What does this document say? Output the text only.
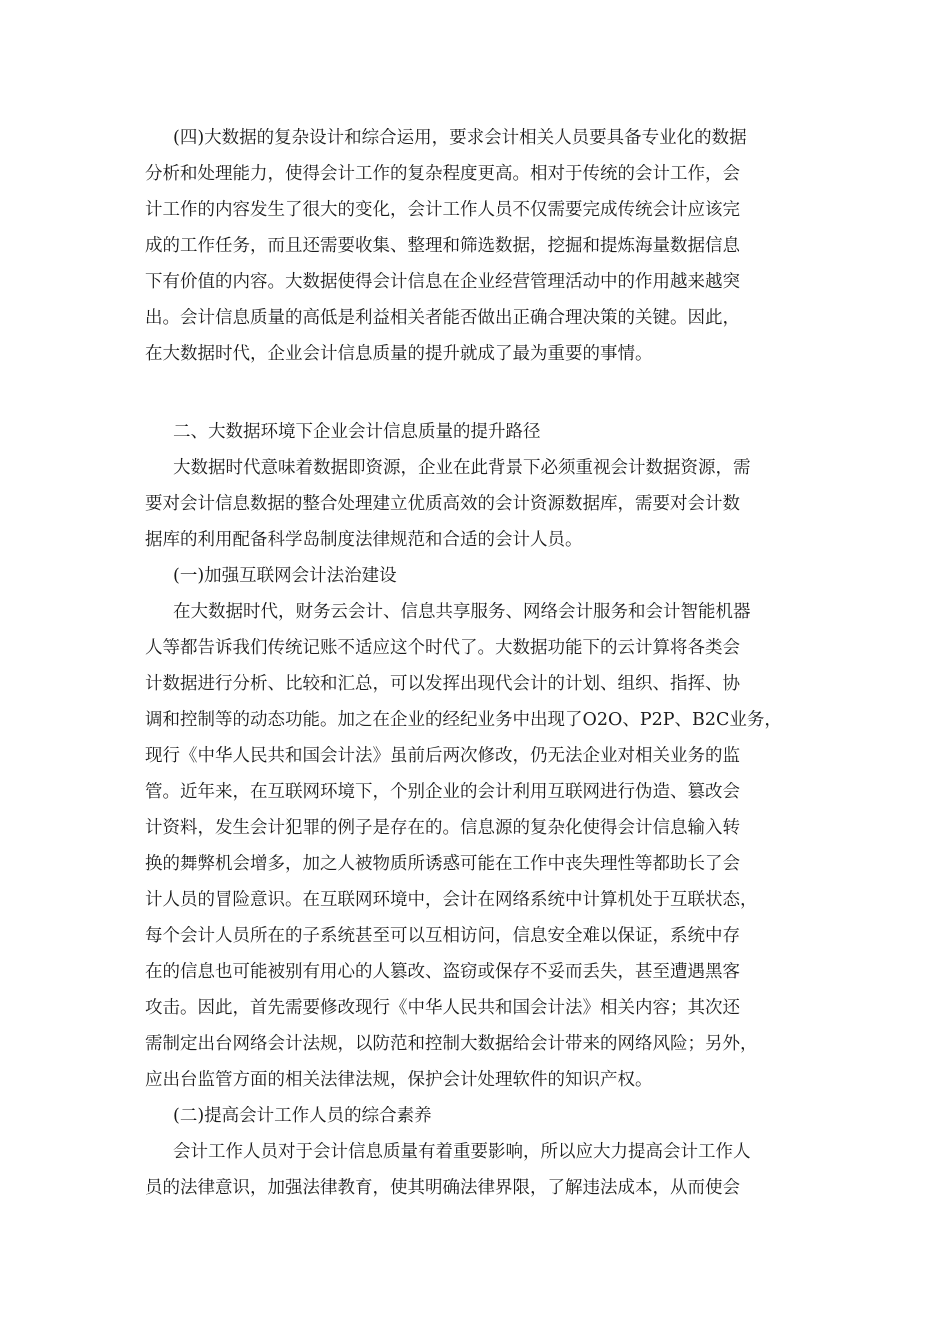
(四)大数据的复杂设计和综合运用，要求会计相关人员要具备专业化的数据
分析和处理能力，使得会计工作的复杂程度更高。相对于传统的会计工作，会
计工作的内容发生了很大的变化，会计工作人员不仅需要完成传统会计应该完
成的工作任务，而且还需要收集、整理和筛选数据，挖掘和提炼海量数据信息
下有价值的内容。大数据使得会计信息在企业经营管理活动中的作用越来越突
出。会计信息质量的高低是利益相关者能否做出正确合理决策的关键。因此，
在大数据时代，企业会计信息质量的提升就成了最为重要的事情。
二、大数据环境下企业会计信息质量的提升路径
大数据时代意味着数据即资源，企业在此背景下必须重视会计数据资源，需
要对会计信息数据的整合处理建立优质高效的会计资源数据库，需要对会计数
据库的利用配备科学岛制度法律规范和合适的会计人员。
(一)加强互联网会计法治建设
在大数据时代，财务云会计、信息共享服务、网络会计服务和会计智能机器
人等都告诉我们传统记账不适应这个时代了。大数据功能下的云计算将各类会
计数据进行分析、比较和汇总，可以发挥出现代会计的计划、组织、指挥、协
调和控制等的动态功能。加之在企业的经纪业务中出现了O2O、P2P、B2C业务，
现行《中华人民共和国会计法》虽前后两次修改，仍无法企业对相关业务的监
管。近年来，在互联网环境下，个别企业的会计利用互联网进行伪造、篡改会
计资料，发生会计犯罪的例子是存在的。信息源的复杂化使得会计信息输入转
换的舞弊机会增多，加之人被物质所诱惑可能在工作中丧失理性等都助长了会
计人员的冒险意识。在互联网环境中，会计在网络系统中计算机处于互联状态，
每个会计人员所在的子系统甚至可以互相访问，信息安全难以保证，系统中存
在的信息也可能被别有用心的人篡改、盗窃或保存不妥而丢失，甚至遭遇黑客
攻击。因此，首先需要修改现行《中华人民共和国会计法》相关内容；其次还
需制定出台网络会计法规，以防范和控制大数据给会计带来的网络风险；另外，
应出台监管方面的相关法律法规，保护会计处理软件的知识产权。
(二)提高会计工作人员的综合素养
会计工作人员对于会计信息质量有着重要影响，所以应大力提高会计工作人
员的法律意识，加强法律教育，使其明确法律界限，了解违法成本，从而使会
